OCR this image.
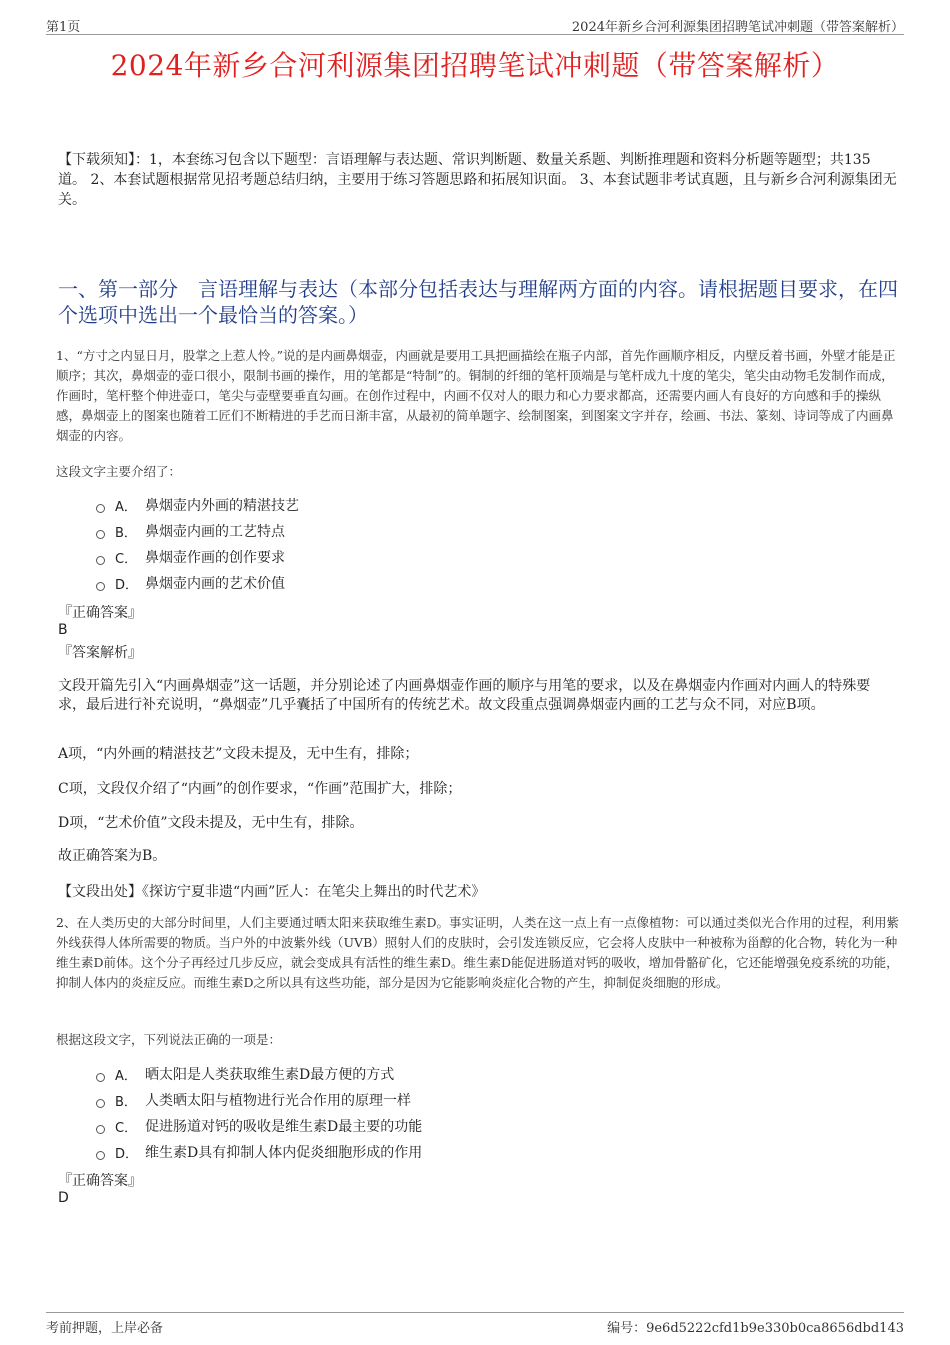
第1页	2024年新乡合河利源集团招聘笔试冲刺题（带答案解析）
2024年新乡合河利源集团招聘笔试冲刺题（带答案解析）
【下载须知】：1，本套练习包含以下题型：言语理解与表达题、常识判断题、数量关系题、判断推理题和资料分析题等题型；共135道。 2、本套试题根据常见招考题总结归纳，主要用于练习答题思路和拓展知识面。 3、本套试题非考试真题，且与新乡合河利源集团无关。
一、第一部分　言语理解与表达（本部分包括表达与理解两方面的内容。请根据题目要求，在四个选项中选出一个最恰当的答案。）
1、“方寸之内显日月，股掌之上惹人怜。”说的是内画鼻烟壶，内画就是要用工具把画描绘在瓶子内部，首先作画顺序相反，内壁反着书画，外壁才能是正顺序；其次，鼻烟壶的壶口很小，限制书画的操作，用的笔都是“特制”的。铜制的纤细的笔杆顶端是与笔杆成九十度的笔尖，笔尖由动物毛发制作而成，作画时，笔杆整个伸进壶口，笔尖与壶壁要垂直勾画。在创作过程中，内画不仅对人的眼力和心力要求都高，还需要内画人有良好的方向感和手的操纵感，鼻烟壶上的图案也随着工匠们不断精进的手艺而日渐丰富，从最初的简单题字、绘制图案，到图案文字并存，绘画、书法、篆刻、诗词等成了内画鼻烟壶的内容。
这段文字主要介绍了：
A． 鼻烟壶内外画的精湛技艺
B． 鼻烟壶内画的工艺特点
C． 鼻烟壶作画的创作要求
D． 鼻烟壶内画的艺术价值
『正确答案』
B
『答案解析』
文段开篇先引入“内画鼻烟壶”这一话题，并分别论述了内画鼻烟壶作画的顺序与用笔的要求，以及在鼻烟壶内作画对内画人的特殊要求，最后进行补充说明，“鼻烟壶”几乎囊括了中国所有的传统艺术。故文段重点强调鼻烟壶内画的工艺与众不同，对应B项。
A项，“内外画的精湛技艺”文段未提及，无中生有，排除；
C项，文段仅介绍了“内画”的创作要求，“作画”范围扩大，排除；
D项，“艺术价值”文段未提及，无中生有，排除。
故正确答案为B。
【文段出处】《探访宁夏非遗“内画”匠人：在笔尖上舞出的时代艺术》
2、在人类历史的大部分时间里，人们主要通过晒太阳来获取维生素D。事实证明，人类在这一点上有一点像植物：可以通过类似光合作用的过程，利用紫外线获得人体所需要的物质。当户外的中波紫外线（UVB）照射人们的皮肤时，会引发连锁反应，它会将人皮肤中一种被称为甾醇的化合物，转化为一种维生素D前体。这个分子再经过几步反应，就会变成具有活性的维生素D。维生素D能促进肠道对钙的吸收，增加骨骼矿化，它还能增强免疫系统的功能，抑制人体内的炎症反应。而维生素D之所以具有这些功能，部分是因为它能影响炎症化合物的产生，抑制促炎细胞的形成。
根据这段文字，下列说法正确的一项是：
A． 晒太阳是人类获取维生素D最方便的方式
B． 人类晒太阳与植物进行光合作用的原理一样
C． 促进肠道对钙的吸收是维生素D最主要的功能
D． 维生素D具有抑制人体内促炎细胞形成的作用
『正确答案』
D
考前押题，上岸必备	编号：9e6d5222cfd1b9e330b0ca8656dbd143
